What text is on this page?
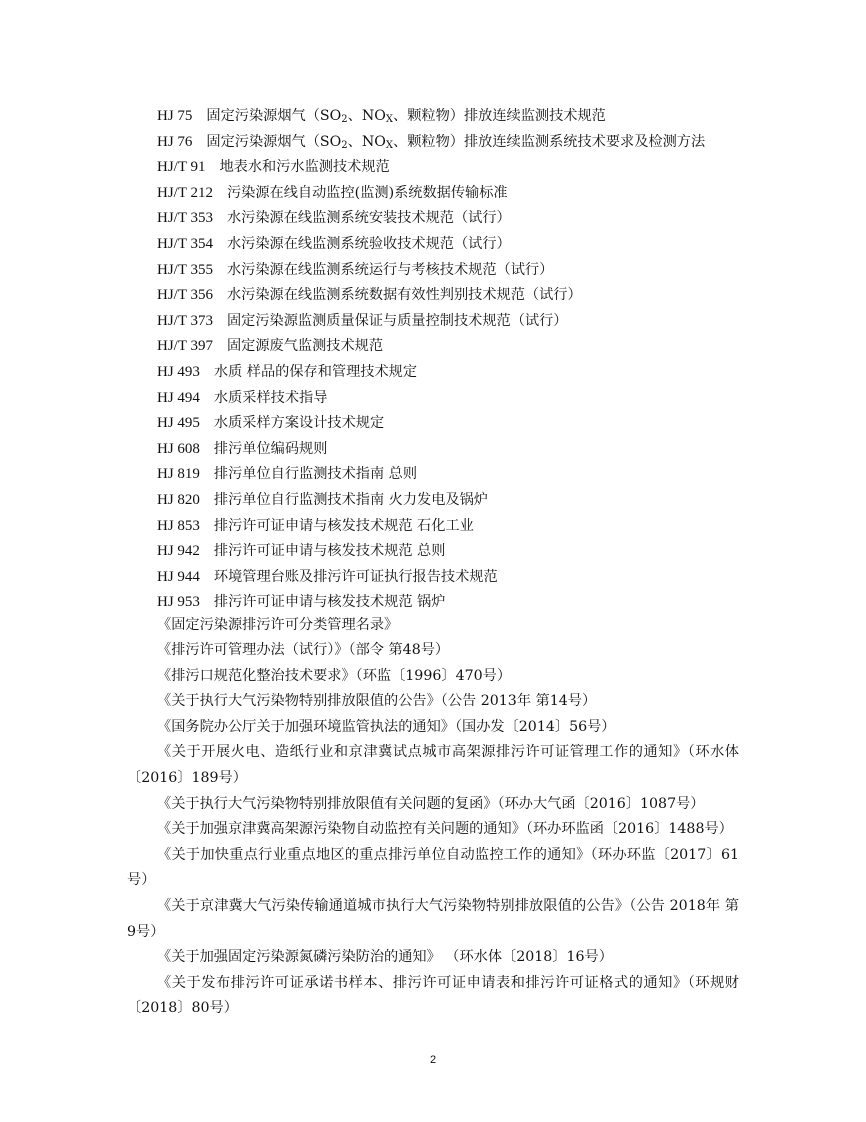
HJ 75 固定污染源烟气（$SO_2$、$NO_X$、颗粒物）排放连续监测技术规范
HJ 76 固定污染源烟气（$SO_2$、$NO_X$、颗粒物）排放连续监测系统技术要求及检测方法
HJ/T 91 地表水和污水监测技术规范
HJ/T 212 污染源在线自动监控(监测)系统数据传输标准
HJ/T 353 水污染源在线监测系统安装技术规范（试行）
HJ/T 354 水污染源在线监测系统验收技术规范（试行）
HJ/T 355 水污染源在线监测系统运行与考核技术规范（试行）
HJ/T 356 水污染源在线监测系统数据有效性判别技术规范（试行）
HJ/T 373 固定污染源监测质量保证与质量控制技术规范（试行）
HJ/T 397 固定源废气监测技术规范
HJ 493 水质 样品的保存和管理技术规定
HJ 494 水质采样技术指导
HJ 495 水质采样方案设计技术规定
HJ 608 排污单位编码规则
HJ 819 排污单位自行监测技术指南 总则
HJ 820 排污单位自行监测技术指南 火力发电及锅炉
HJ 853 排污许可证申请与核发技术规范 石化工业
HJ 942 排污许可证申请与核发技术规范 总则
HJ 944 环境管理台账及排污许可证执行报告技术规范
HJ 953 排污许可证申请与核发技术规范 锅炉

《固定污染源排污许可分类管理名录》

《排污许可管理办法（试行）》（部令 第48号）

《排污口规范化整治技术要求》（环监〔1996〕470号）

《关于执行大气污染物特别排放限值的公告》（公告 2013年 第14号）

《国务院办公厅关于加强环境监管执法的通知》（国办发〔2014〕56号）

《关于开展火电、造纸行业和京津冀试点城市高架源排污许可证管理工作的通知》（环水体〔2016〕189号）

《关于执行大气污染物特别排放限值有关问题的复函》（环办大气函〔2016〕1087号）

《关于加强京津冀高架源污染物自动监控有关问题的通知》（环办环监函〔2016〕1488号）

《关于加快重点行业重点地区的重点排污单位自动监控工作的通知》（环办环监〔2017〕61号）

《关于京津冀大气污染传输通道城市执行大气污染物特别排放限值的公告》（公告 2018年 第9号）

《关于加强固定污染源氮磷污染防治的通知》 （环水体〔2018〕16号）

《关于发布排污许可证承诺书样本、排污许可证申请表和排污许可证格式的通知》（环规财〔2018〕80号）

2
